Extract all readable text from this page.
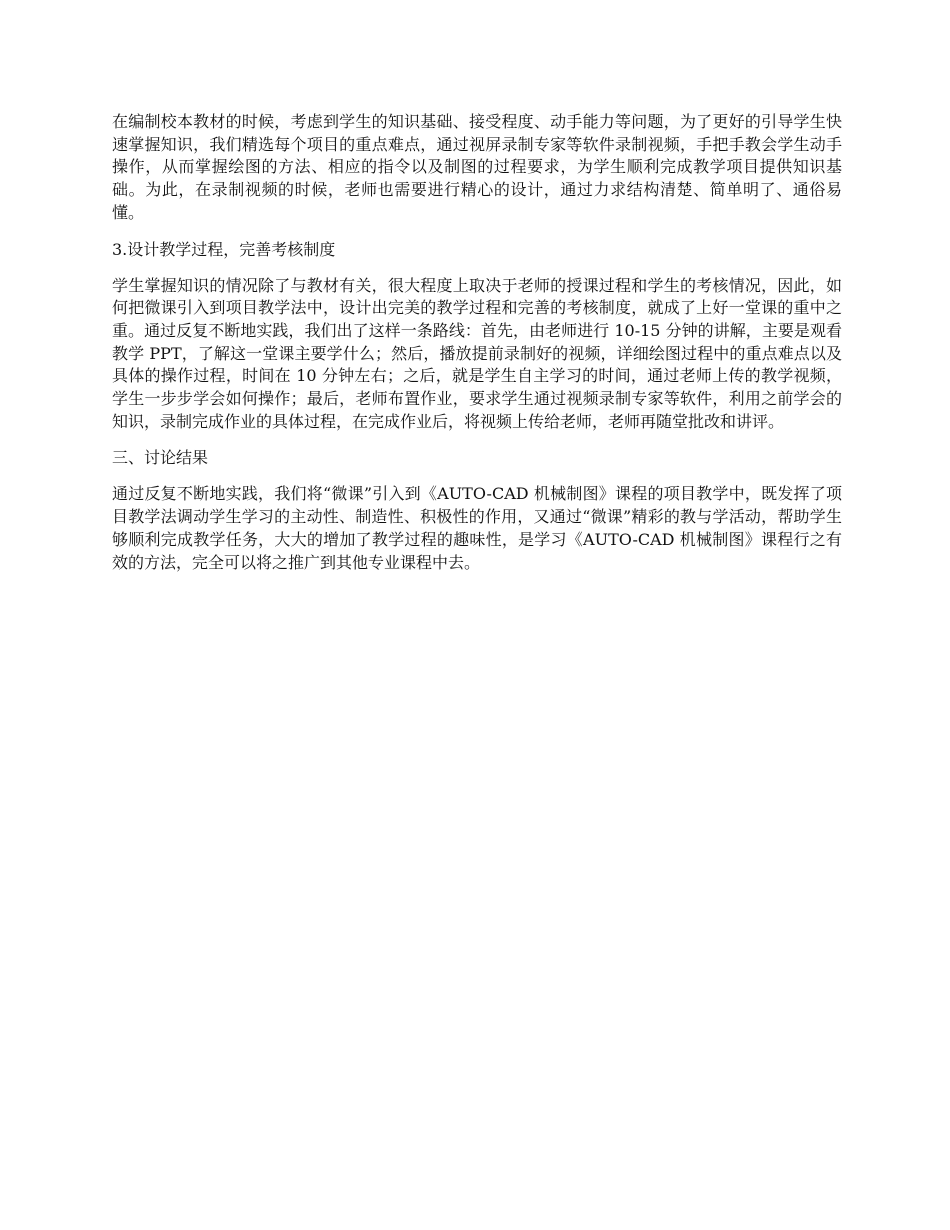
在编制校本教材的时候，考虑到学生的知识基础、接受程度、动手能力等问题，为了更好的引导学生快速掌握知识，我们精选每个项目的重点难点，通过视屏录制专家等软件录制视频，手把手教会学生动手操作，从而掌握绘图的方法、相应的指令以及制图的过程要求，为学生顺利完成教学项目提供知识基础。为此，在录制视频的时候，老师也需要进行精心的设计，通过力求结构清楚、简单明了、通俗易懂。

3.设计教学过程，完善考核制度

学生掌握知识的情况除了与教材有关，很大程度上取决于老师的授课过程和学生的考核情况，因此，如何把微课引入到项目教学法中，设计出完美的教学过程和完善的考核制度，就成了上好一堂课的重中之重。通过反复不断地实践，我们出了这样一条路线：首先，由老师进行 10-15 分钟的讲解，主要是观看教学 PPT，了解这一堂课主要学什么；然后，播放提前录制好的视频，详细绘图过程中的重点难点以及具体的操作过程，时间在 10 分钟左右；之后，就是学生自主学习的时间，通过老师上传的教学视频，学生一步步学会如何操作；最后，老师布置作业，要求学生通过视频录制专家等软件，利用之前学会的知识，录制完成作业的具体过程，在完成作业后，将视频上传给老师，老师再随堂批改和讲评。

三、讨论结果

通过反复不断地实践，我们将“微课”引入到《AUTO-CAD 机械制图》课程的项目教学中，既发挥了项目教学法调动学生学习的主动性、制造性、积极性的作用，又通过“微课”精彩的教与学活动，帮助学生够顺利完成教学任务，大大的增加了教学过程的趣味性，是学习《AUTO-CAD 机械制图》课程行之有效的方法，完全可以将之推广到其他专业课程中去。
